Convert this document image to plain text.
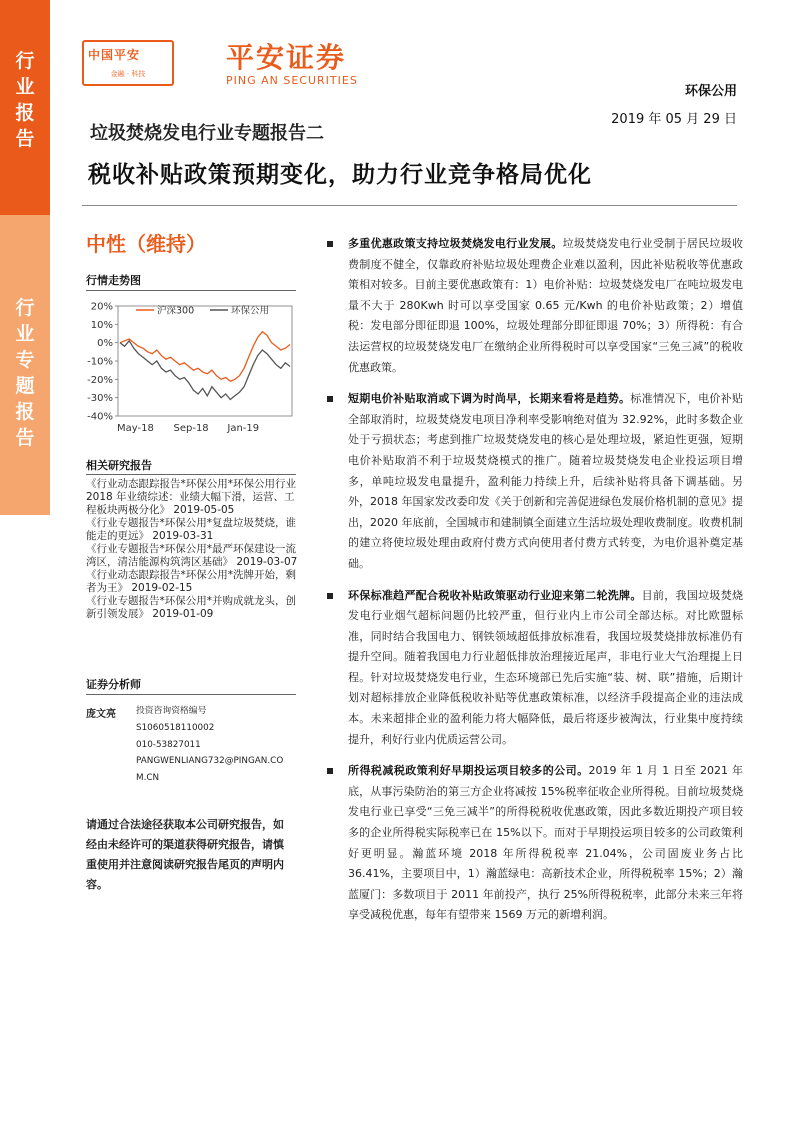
行
业
报
告
行
业
专
题
报
告
中国平安
金融 · 科技	平安证券
PING AN SECURITIES
环保公用
2019 年 05 月 29 日
垃圾焚烧发电行业专题报告二
税收补贴政策预期变化，助力行业竞争格局优化
中性（维持）
行情走势图
20%
10%
0%
-10%
-20%
-30%
-40%
May-18 Sep-18 Jan-19
沪深300	环保公用
相关研究报告
《行业动态跟踪报告*环保公用*环保公用行业 2018 年业绩综述：业绩大幅下滑，运营、工程板块两极分化》 2019-05-05
《行业专题报告*环保公用*复盘垃圾焚烧，谁能走的更远》 2019-03-31
《行业专题报告*环保公用*最严环保建设一流湾区，清洁能源构筑湾区基础》 2019-03-07
《行业动态跟踪报告*环保公用*洗牌开始，剩者为王》 2019-02-15
《行业专题报告*环保公用*并购成就龙头，创新引领发展》 2019-01-09
证券分析师
庞文亮 投资咨询资格编号
S1060518110002
010-53827011
PANGWENLIANG732@PINGAN.CO
M.CN
请通过合法途径获取本公司研究报告，如经由未经许可的渠道获得研究报告，请慎重使用并注意阅读研究报告尾页的声明内容。
多重优惠政策支持垃圾焚烧发电行业发展。垃圾焚烧发电行业受制于居民垃圾收费制度不健全，仅靠政府补贴垃圾处理费企业难以盈利，因此补贴税收等优惠政策相对较多。目前主要优惠政策有：1）电价补贴：垃圾焚烧发电厂在吨垃圾发电量不大于 280Kwh 时可以享受国家 0.65 元/Kwh 的电价补贴政策；2）增值税：发电部分即征即退 100%，垃圾处理部分即征即退 70%；3）所得税：有合法运营权的垃圾焚烧发电厂在缴纳企业所得税时可以享受国家“三免三减”的税收优惠政策。
短期电价补贴取消或下调为时尚早，长期来看将是趋势。标准情况下，电价补贴全部取消时，垃圾焚烧发电项目净利率受影响绝对值为 32.92%，此时多数企业处于亏损状态；考虑到推广垃圾焚烧发电的核心是处理垃圾，紧迫性更强，短期电价补贴取消不利于垃圾焚烧模式的推广。随着垃圾焚烧发电企业投运项目增多，单吨垃圾发电量提升，盈利能力持续上升，后续补贴将具备下调基础。另外，2018 年国家发改委印发《关于创新和完善促进绿色发展价格机制的意见》提出，2020 年底前，全国城市和建制镇全面建立生活垃圾处理收费制度。收费机制的建立将使垃圾处理由政府付费方式向使用者付费方式转变，为电价退补奠定基础。
环保标准趋严配合税收补贴政策驱动行业迎来第二轮洗牌。目前，我国垃圾焚烧发电行业烟气超标问题仍比较严重，但行业内上市公司全部达标。对比欧盟标准，同时结合我国电力、钢铁领域超低排放标准看，我国垃圾焚烧排放标准仍有提升空间。随着我国电力行业超低排放治理接近尾声，非电行业大气治理提上日程。针对垃圾焚烧发电行业，生态环境部已先后实施“装、树、联”措施，后期计划对超标排放企业降低税收补贴等优惠政策标准，以经济手段提高企业的违法成本。未来超排企业的盈利能力将大幅降低，最后将逐步被淘汰，行业集中度持续提升，利好行业内优质运营公司。
所得税减税政策利好早期投运项目较多的公司。2019 年 1 月 1 日至 2021 年底，从事污染防治的第三方企业将减按 15%税率征收企业所得税。目前垃圾焚烧发电行业已享受“三免三减半”的所得税税收优惠政策，因此多数近期投产项目较多的企业所得税实际税率已在 15%以下。而对于早期投运项目较多的公司政策利好更明显。瀚蓝环境 2018 年所得税税率 21.04%，公司固废业务占比 36.41%，主要项目中，1）瀚蓝绿电：高新技术企业，所得税税率 15%；2）瀚蓝厦门：多数项目于 2011 年前投产，执行 25%所得税税率，此部分未来三年将享受减税优惠，每年有望带来 1569 万元的新增利润。
